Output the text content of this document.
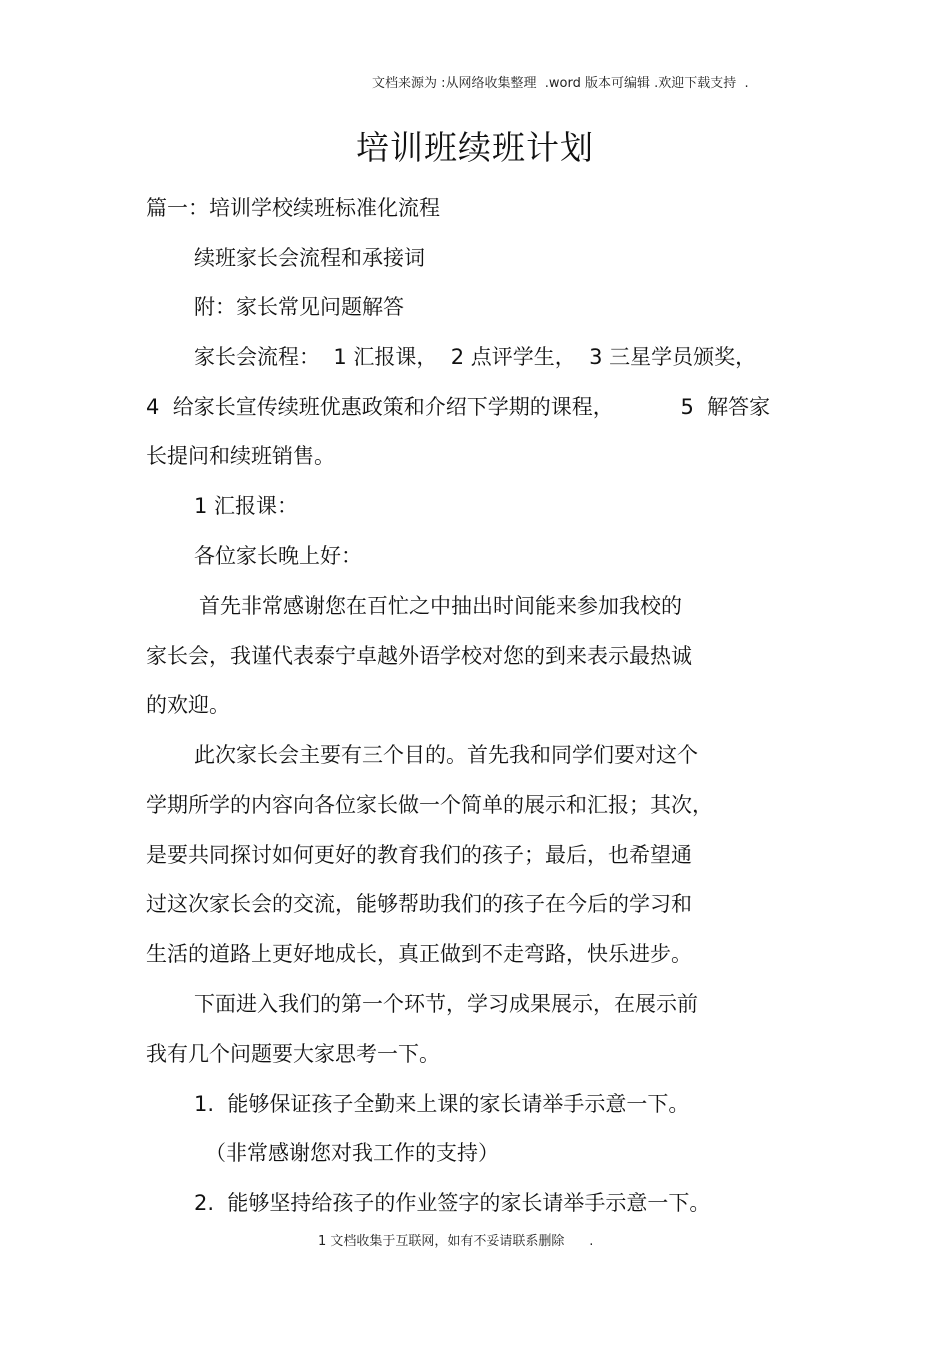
文档来源为 :从网络收集整理  .word 版本可编辑 .欢迎下载支持  .
培训班续班计划
篇一：培训学校续班标准化流程
续班家长会流程和承接词
附：家长常见问题解答
家长会流程：  1 汇报课，  2 点评学生，  3 三星学员颁奖，
4  给家长宣传续班优惠政策和介绍下学期的课程，          5  解答家
长提问和续班销售。
1 汇报课：
各位家长晚上好：
首先非常感谢您在百忙之中抽出时间能来参加我校的
家长会，我谨代表泰宁卓越外语学校对您的到来表示最热诚
的欢迎。
此次家长会主要有三个目的。首先我和同学们要对这个
学期所学的内容向各位家长做一个简单的展示和汇报；其次，
是要共同探讨如何更好的教育我们的孩子；最后，也希望通
过这次家长会的交流，能够帮助我们的孩子在今后的学习和
生活的道路上更好地成长，真正做到不走弯路，快乐进步。
下面进入我们的第一个环节，学习成果展示，在展示前
我有几个问题要大家思考一下。
1.  能够保证孩子全勤来上课的家长请举手示意一下。
（非常感谢您对我工作的支持）
2.  能够坚持给孩子的作业签字的家长请举手示意一下。
1 文档收集于互联网，如有不妥请联系删除      .
